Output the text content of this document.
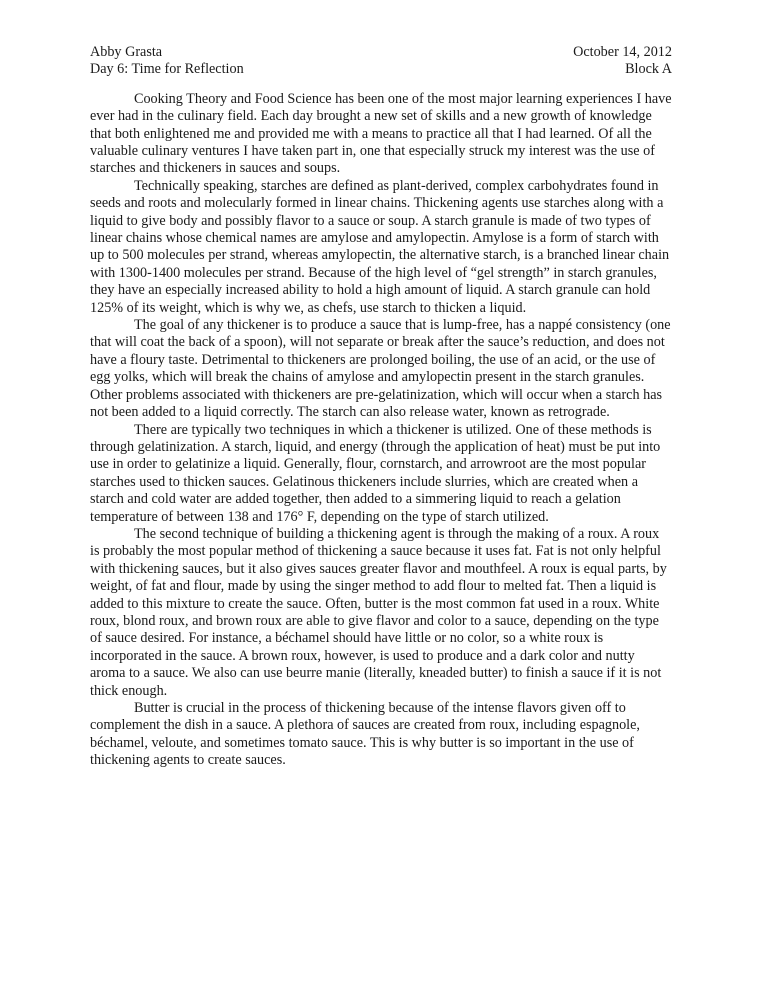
Abby Grasta	October 14, 2012
Day 6: Time for Reflection	Block A

Cooking Theory and Food Science has been one of the most major learning experiences I have ever had in the culinary field. Each day brought a new set of skills and a new growth of knowledge that both enlightened me and provided me with a means to practice all that I had learned. Of all the valuable culinary ventures I have taken part in, one that especially struck my interest was the use of starches and thickeners in sauces and soups.

Technically speaking, starches are defined as plant-derived, complex carbohydrates found in seeds and roots and molecularly formed in linear chains. Thickening agents use starches along with a liquid to give body and possibly flavor to a sauce or soup. A starch granule is made of two types of linear chains whose chemical names are amylose and amylopectin. Amylose is a form of starch with up to 500 molecules per strand, whereas amylopectin, the alternative starch, is a branched linear chain with 1300-1400 molecules per strand. Because of the high level of “gel strength” in starch granules, they have an especially increased ability to hold a high amount of liquid. A starch granule can hold 125% of its weight, which is why we, as chefs, use starch to thicken a liquid.

The goal of any thickener is to produce a sauce that is lump-free, has a nappé consistency (one that will coat the back of a spoon), will not separate or break after the sauce’s reduction, and does not have a floury taste. Detrimental to thickeners are prolonged boiling, the use of an acid, or the use of egg yolks, which will break the chains of amylose and amylopectin present in the starch granules. Other problems associated with thickeners are pre-gelatinization, which will occur when a starch has not been added to a liquid correctly. The starch can also release water, known as retrograde.

There are typically two techniques in which a thickener is utilized. One of these methods is through gelatinization. A starch, liquid, and energy (through the application of heat) must be put into use in order to gelatinize a liquid. Generally, flour, cornstarch, and arrowroot are the most popular starches used to thicken sauces. Gelatinous thickeners include slurries, which are created when a starch and cold water are added together, then added to a simmering liquid to reach a gelation temperature of between 138 and 176° F, depending on the type of starch utilized.

The second technique of building a thickening agent is through the making of a roux. A roux is probably the most popular method of thickening a sauce because it uses fat. Fat is not only helpful with thickening sauces, but it also gives sauces greater flavor and mouthfeel. A roux is equal parts, by weight, of fat and flour, made by using the singer method to add flour to melted fat. Then a liquid is added to this mixture to create the sauce. Often, butter is the most common fat used in a roux. White roux, blond roux, and brown roux are able to give flavor and color to a sauce, depending on the type of sauce desired. For instance, a béchamel should have little or no color, so a white roux is incorporated in the sauce. A brown roux, however, is used to produce and a dark color and nutty aroma to a sauce. We also can use beurre manie (literally, kneaded butter) to finish a sauce if it is not thick enough.

Butter is crucial in the process of thickening because of the intense flavors given off to complement the dish in a sauce. A plethora of sauces are created from roux, including espagnole, béchamel, veloute, and sometimes tomato sauce. This is why butter is so important in the use of thickening agents to create sauces.
